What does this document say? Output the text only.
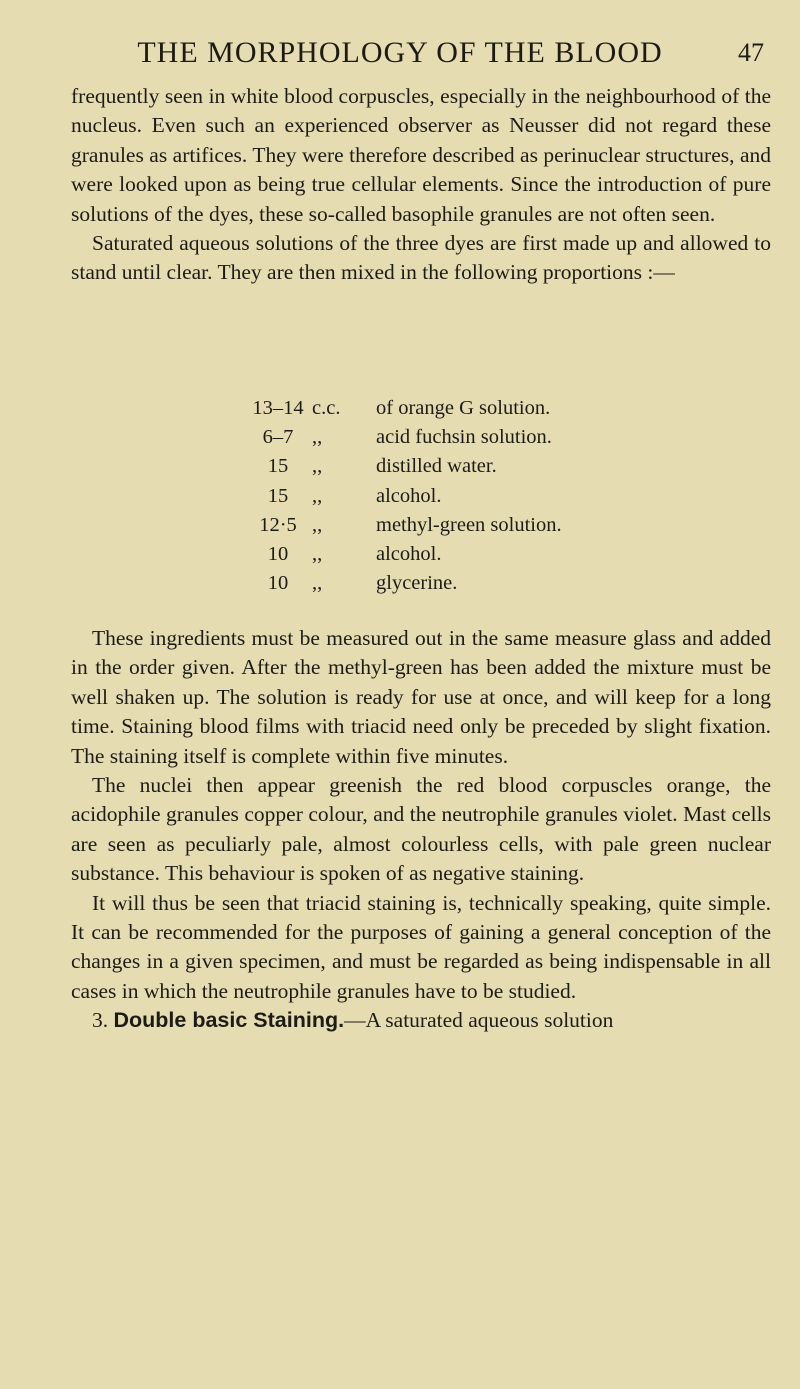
THE MORPHOLOGY OF THE BLOOD	47

frequently seen in white blood corpuscles, especially in the neighbourhood of the nucleus. Even such an experienced observer as Neusser did not regard these granules as artifices. They were therefore described as perinuclear structures, and were looked upon as being true cellular elements. Since the introduction of pure solutions of the dyes, these so-called basophile granules are not often seen.

Saturated aqueous solutions of the three dyes are first made up and allowed to stand until clear. They are then mixed in the following proportions :—

13–14 c.c.	of orange G solution.
6–7 ,,	acid fuchsin solution.
15	,,	distilled water.
15	,,	alcohol.
12·5 ,,	methyl-green solution.
10	,,	alcohol.
10	,,	glycerine.

These ingredients must be measured out in the same measure glass and added in the order given. After the methyl-green has been added the mixture must be well shaken up. The solution is ready for use at once, and will keep for a long time. Staining blood films with triacid need only be preceded by slight fixation. The staining itself is complete within five minutes.

The nuclei then appear greenish the red blood corpuscles orange, the acidophile granules copper colour, and the neutrophile granules violet. Mast cells are seen as peculiarly pale, almost colourless cells, with pale green nuclear substance. This behaviour is spoken of as negative staining.

It will thus be seen that triacid staining is, technically speaking, quite simple. It can be recommended for the purposes of gaining a general conception of the changes in a given specimen, and must be regarded as being indispensable in all cases in which the neutrophile granules have to be studied.

3. Double basic Staining.—A saturated aqueous solution
